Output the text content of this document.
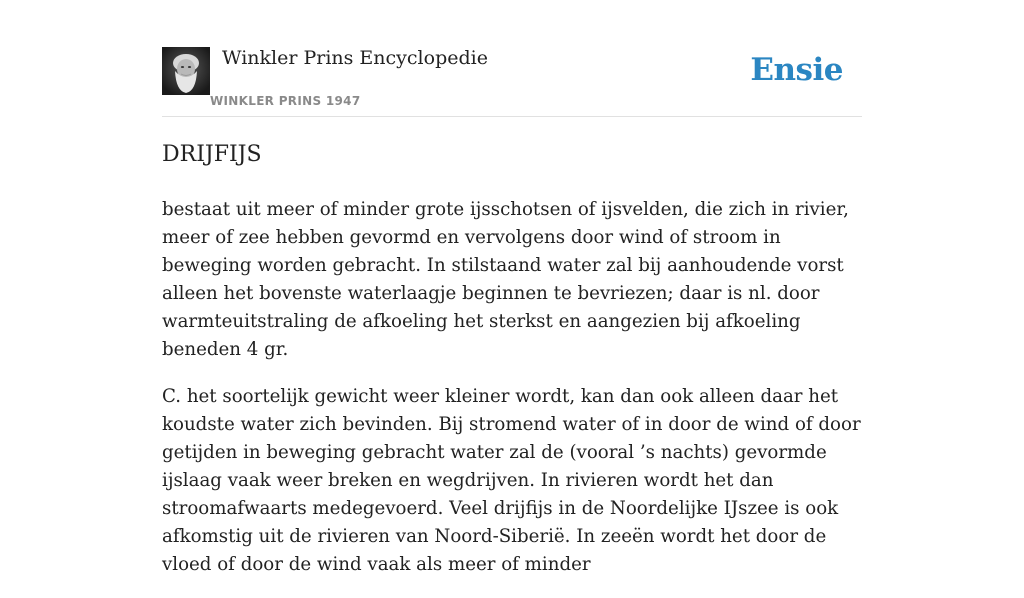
Winkler Prins Encyclopedie
WINKLER PRINS 1947
Ensie
DRIJFIJS

bestaat uit meer of minder grote ijsschotsen of ijsvelden, die zich in rivier, meer of zee hebben gevormd en vervolgens door wind of stroom in beweging worden gebracht. In stilstaand water zal bij aanhoudende vorst alleen het bovenste waterlaagje beginnen te bevriezen; daar is nl. door warmteuitstraling de afkoeling het sterkst en aangezien bij afkoeling beneden 4 gr.

C. het soortelijk gewicht weer kleiner wordt, kan dan ook alleen daar het koudste water zich bevinden. Bij stromend water of in door de wind of door getijden in beweging gebracht water zal de (vooral ’s nachts) gevormde ijslaag vaak weer breken en wegdrijven. In rivieren wordt het dan stroomafwaarts medegevoerd. Veel drijfijs in de Noordelijke IJszee is ook afkomstig uit de rivieren van Noord-Siberië. In zeeën wordt het door de vloed of door de wind vaak als meer of minder
